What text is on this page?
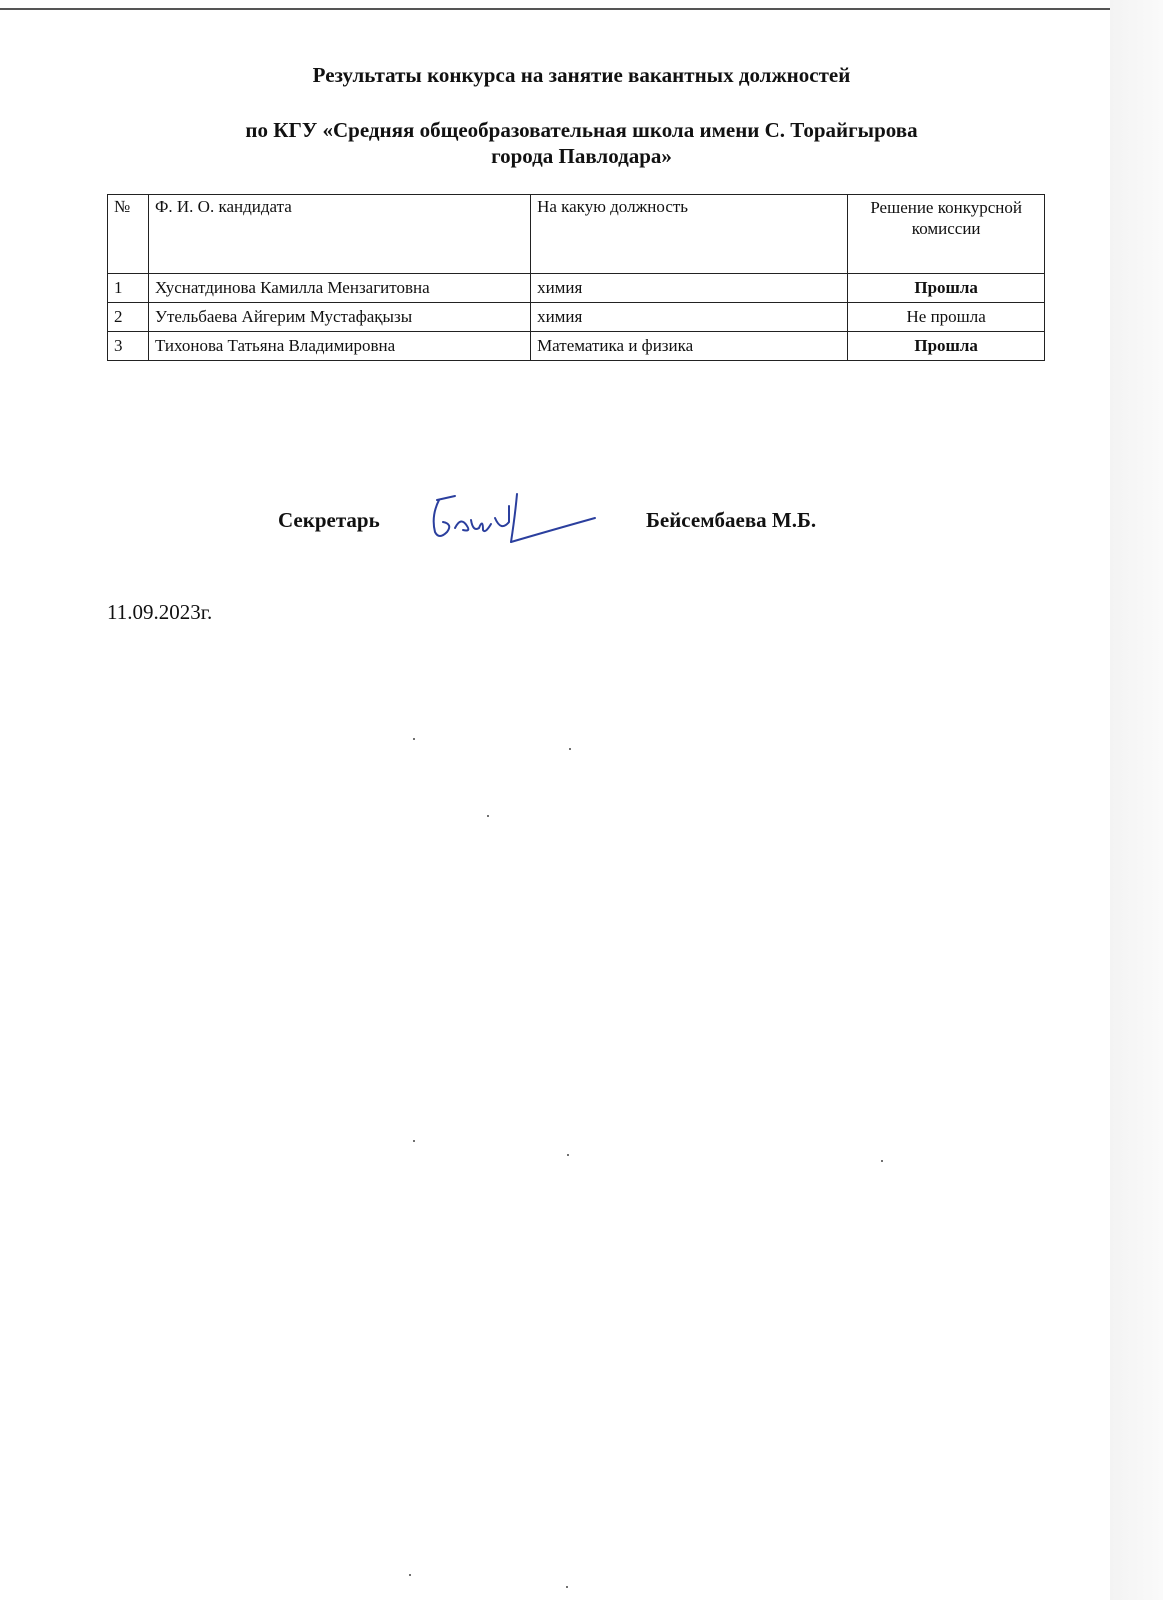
Результаты конкурса на занятие вакантных должностей
по КГУ «Средняя общеобразовательная школа имени С. Торайгырова
города Павлодара»
№	Ф. И. О. кандидата	На какую должность	Решение конкурсной комиссии
1	Хуснатдинова Камилла Мензагитовна	химия	Прошла
2	Утельбаева Айгерим Мустафақызы	химия	Не прошла
3	Тихонова Татьяна Владимировна	Математика и физика	Прошла
Секретарь	Бейсембаева М.Б.
11.09.2023г.
